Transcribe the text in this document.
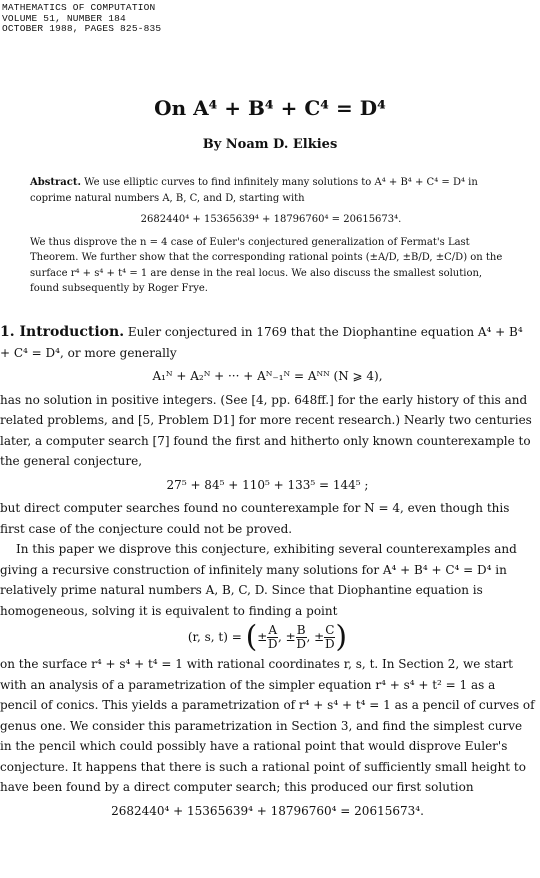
MATHEMATICS OF COMPUTATION
VOLUME 51, NUMBER 184
OCTOBER 1988, PAGES 825-835
On A⁴ + B⁴ + C⁴ = D⁴
By Noam D. Elkies
Abstract. We use elliptic curves to find infinitely many solutions to A⁴ + B⁴ + C⁴ = D⁴ in coprime natural numbers A, B, C, and D, starting with
2682440⁴ + 15365639⁴ + 18796760⁴ = 20615673⁴.
We thus disprove the n = 4 case of Euler's conjectured generalization of Fermat's Last Theorem. We further show that the corresponding rational points (±A/D, ±B/D, ±C/D) on the surface r⁴ + s⁴ + t⁴ = 1 are dense in the real locus. We also discuss the smallest solution, found subsequently by Roger Frye.

1. Introduction. Euler conjectured in 1769 that the Diophantine equation A⁴ + B⁴ + C⁴ = D⁴, or more generally

A₁ᴺ + A₂ᴺ + ··· + Aᴺ₋₁ᴺ = Aᴺᴺ (N ⩾ 4),

has no solution in positive integers. (See [4, pp. 648ff.] for the early history of this and related problems, and [5, Problem D1] for more recent research.) Nearly two centuries later, a computer search [7] found the first and hitherto only known counterexample to the general conjecture,

27⁵ + 84⁵ + 110⁵ + 133⁵ = 144⁵ ;

but direct computer searches found no counterexample for N = 4, even though this first case of the conjecture could not be proved.

In this paper we disprove this conjecture, exhibiting several counterexamples and giving a recursive construction of infinitely many solutions for A⁴ + B⁴ + C⁴ = D⁴ in relatively prime natural numbers A, B, C, D. Since that Diophantine equation is homogeneous, solving it is equivalent to finding a point

(r, s, t) = (± $\frac{A}{D}$ , ± $\frac{B}{D}$ , ± $\frac{C}{D}$ )

on the surface r⁴ + s⁴ + t⁴ = 1 with rational coordinates r, s, t. In Section 2, we start with an analysis of a parametrization of the simpler equation r⁴ + s⁴ + t² = 1 as a pencil of conics. This yields a parametrization of r⁴ + s⁴ + t⁴ = 1 as a pencil of curves of genus one. We consider this parametrization in Section 3, and find the simplest curve in the pencil which could possibly have a rational point that would disprove Euler's conjecture. It happens that there is such a rational point of sufficiently small height to have been found by a direct computer search; this produced our first solution

2682440⁴ + 15365639⁴ + 18796760⁴ = 20615673⁴.
